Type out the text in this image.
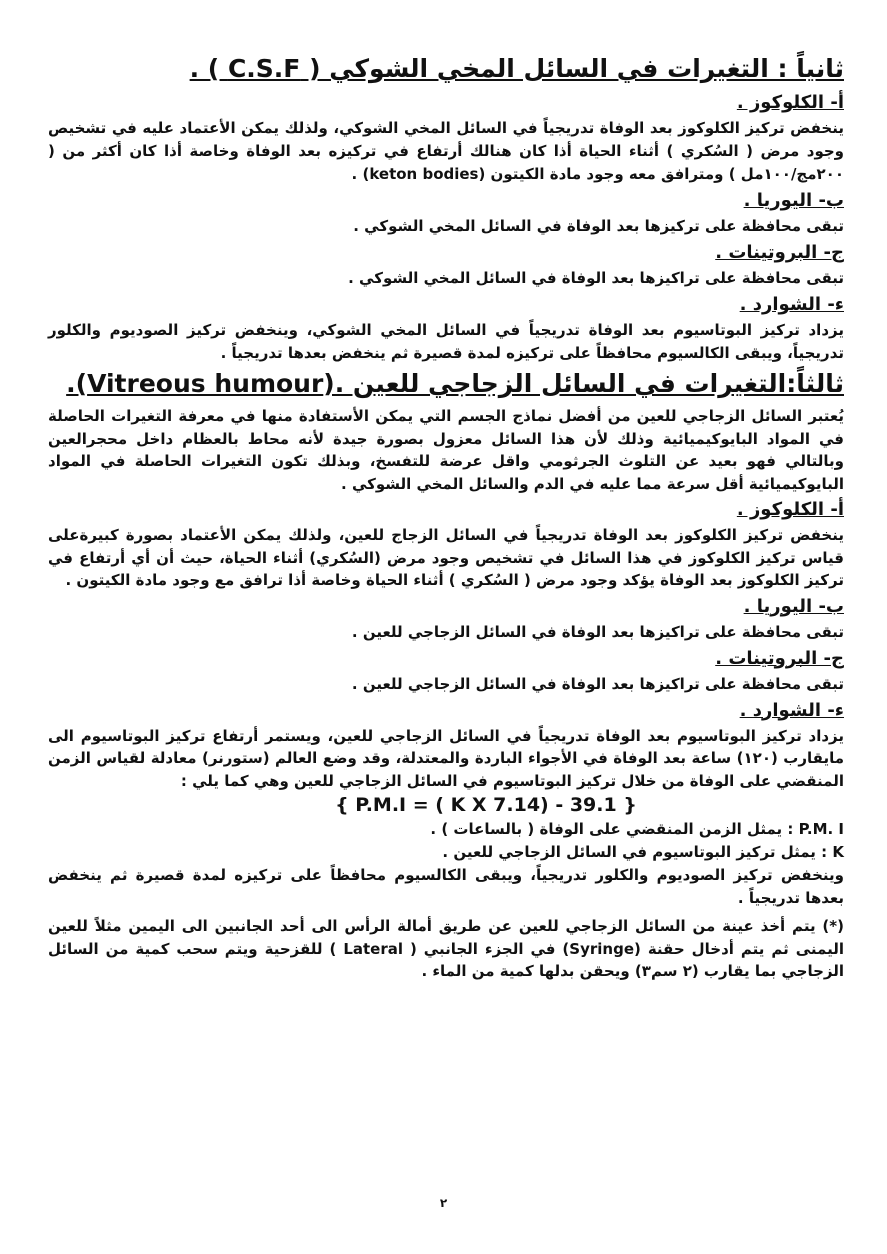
ثانياً : التغيرات في السائل المخي الشوكي ( C.S.F ) .
أ- الكلوكوز .

ينخفض تركيز الكلوكوز بعد الوفاة تدريجياً في السائل المخي الشوكي، ولذلك يمكن الأعتماد عليه في تشخيص وجود مرض ( السُكري ) أثناء الحياة أذا كان هنالك أرتفاع في تركيزه بعد الوفاة وخاصة أذا كان أكثر من ( ٢٠٠مج/١٠٠مل ) ومترافق معه وجود مادة الكيتون (keton bodies) .

ب- اليوريا .

تبقى محافظة على تركيزها بعد الوفاة في السائل المخي الشوكي .

ج- البروتينات .

تبقى محافظة على تراكيزها بعد الوفاة في السائل المخي الشوكي .

ء- الشوارد .

يزداد تركيز البوتاسيوم بعد الوفاة تدريجياً في السائل المخي الشوكي، وينخفض تركيز الصوديوم والكلور تدريجياً، ويبقى الكالسيوم محافظاً على تركيزه لمدة قصيرة ثم ينخفض بعدها تدريجياً .

ثالثاً:التغيرات في السائل الزجاجي للعين .(Vitreous humour).

يُعتبر السائل الزجاجي للعين من أفضل نماذج الجسم التي يمكن الأستفادة منها في معرفة التغيرات الحاصلة في المواد البايوكيميائية وذلك لأن هذا السائل معزول بصورة جيدة لأنه محاط بالعظام داخل محجرالعين وبالتالي فهو بعيد عن التلوث الجرثومي واقل عرضة للتفسخ، وبذلك تكون التغيرات الحاصلة في المواد البايوكيميائية أقل سرعة مما عليه في الدم والسائل المخي الشوكي .

أ- الكلوكوز .

ينخفض تركيز الكلوكوز بعد الوفاة تدريجياً في السائل الزجاج للعين، ولذلك يمكن الأعتماد بصورة كبيرةعلى قياس تركيز الكلوكوز في هذا السائل في تشخيص وجود مرض (السُكري) أثناء الحياة، حيث أن أي أرتفاع في تركيز الكلوكوز بعد الوفاة يؤكد وجود مرض ( السُكري ) أثناء الحياة وخاصة أذا ترافق مع وجود مادة الكيتون .

ب- اليوريا .

تبقى محافظة على تراكيزها بعد الوفاة في السائل الزجاجي للعين .

ج- البروتينات .

تبقى محافظة على تراكيزها بعد الوفاة في السائل الزجاجي للعين .

ء- الشوارد .

يزداد تركيز البوتاسيوم بعد الوفاة تدريجياً في السائل الزجاجي للعين، ويستمر أرتفاع تركيز البوتاسيوم الى مايقارب (١٢٠) ساعة بعد الوفاة في الأجواء الباردة والمعتدلة، وقد وضع العالم (ستورنر) معادلة لقياس الزمن المنقضي على الوفاة من خلال تركيز البوتاسيوم في السائل الزجاجي للعين وهي كما يلي :

{ P.M.I = ( K X 7.14) - 39.1 }

P.M. I : يمثل الزمن المنقضي على الوفاة ( بالساعات ) .

K : يمثل تركيز البوتاسيوم في السائل الزجاجي للعين .

وينخفض تركيز الصوديوم والكلور تدريجياً، ويبقى الكالسيوم محافظاً على تركيزه لمدة قصيرة ثم ينخفض بعدها تدريجياً .

(*) يتم أخذ عينة من السائل الزجاجي للعين عن طريق أمالة الرأس الى أحد الجانبين الى اليمين مثلاً للعين اليمنى ثم يتم أدخال حقنة (Syringe) في الجزء الجانبي ( Lateral ) للقزحية ويتم سحب كمية من السائل الزجاجي بما يقارب (٢ سم٣) ويحقن بدلها كمية من الماء .

٢
